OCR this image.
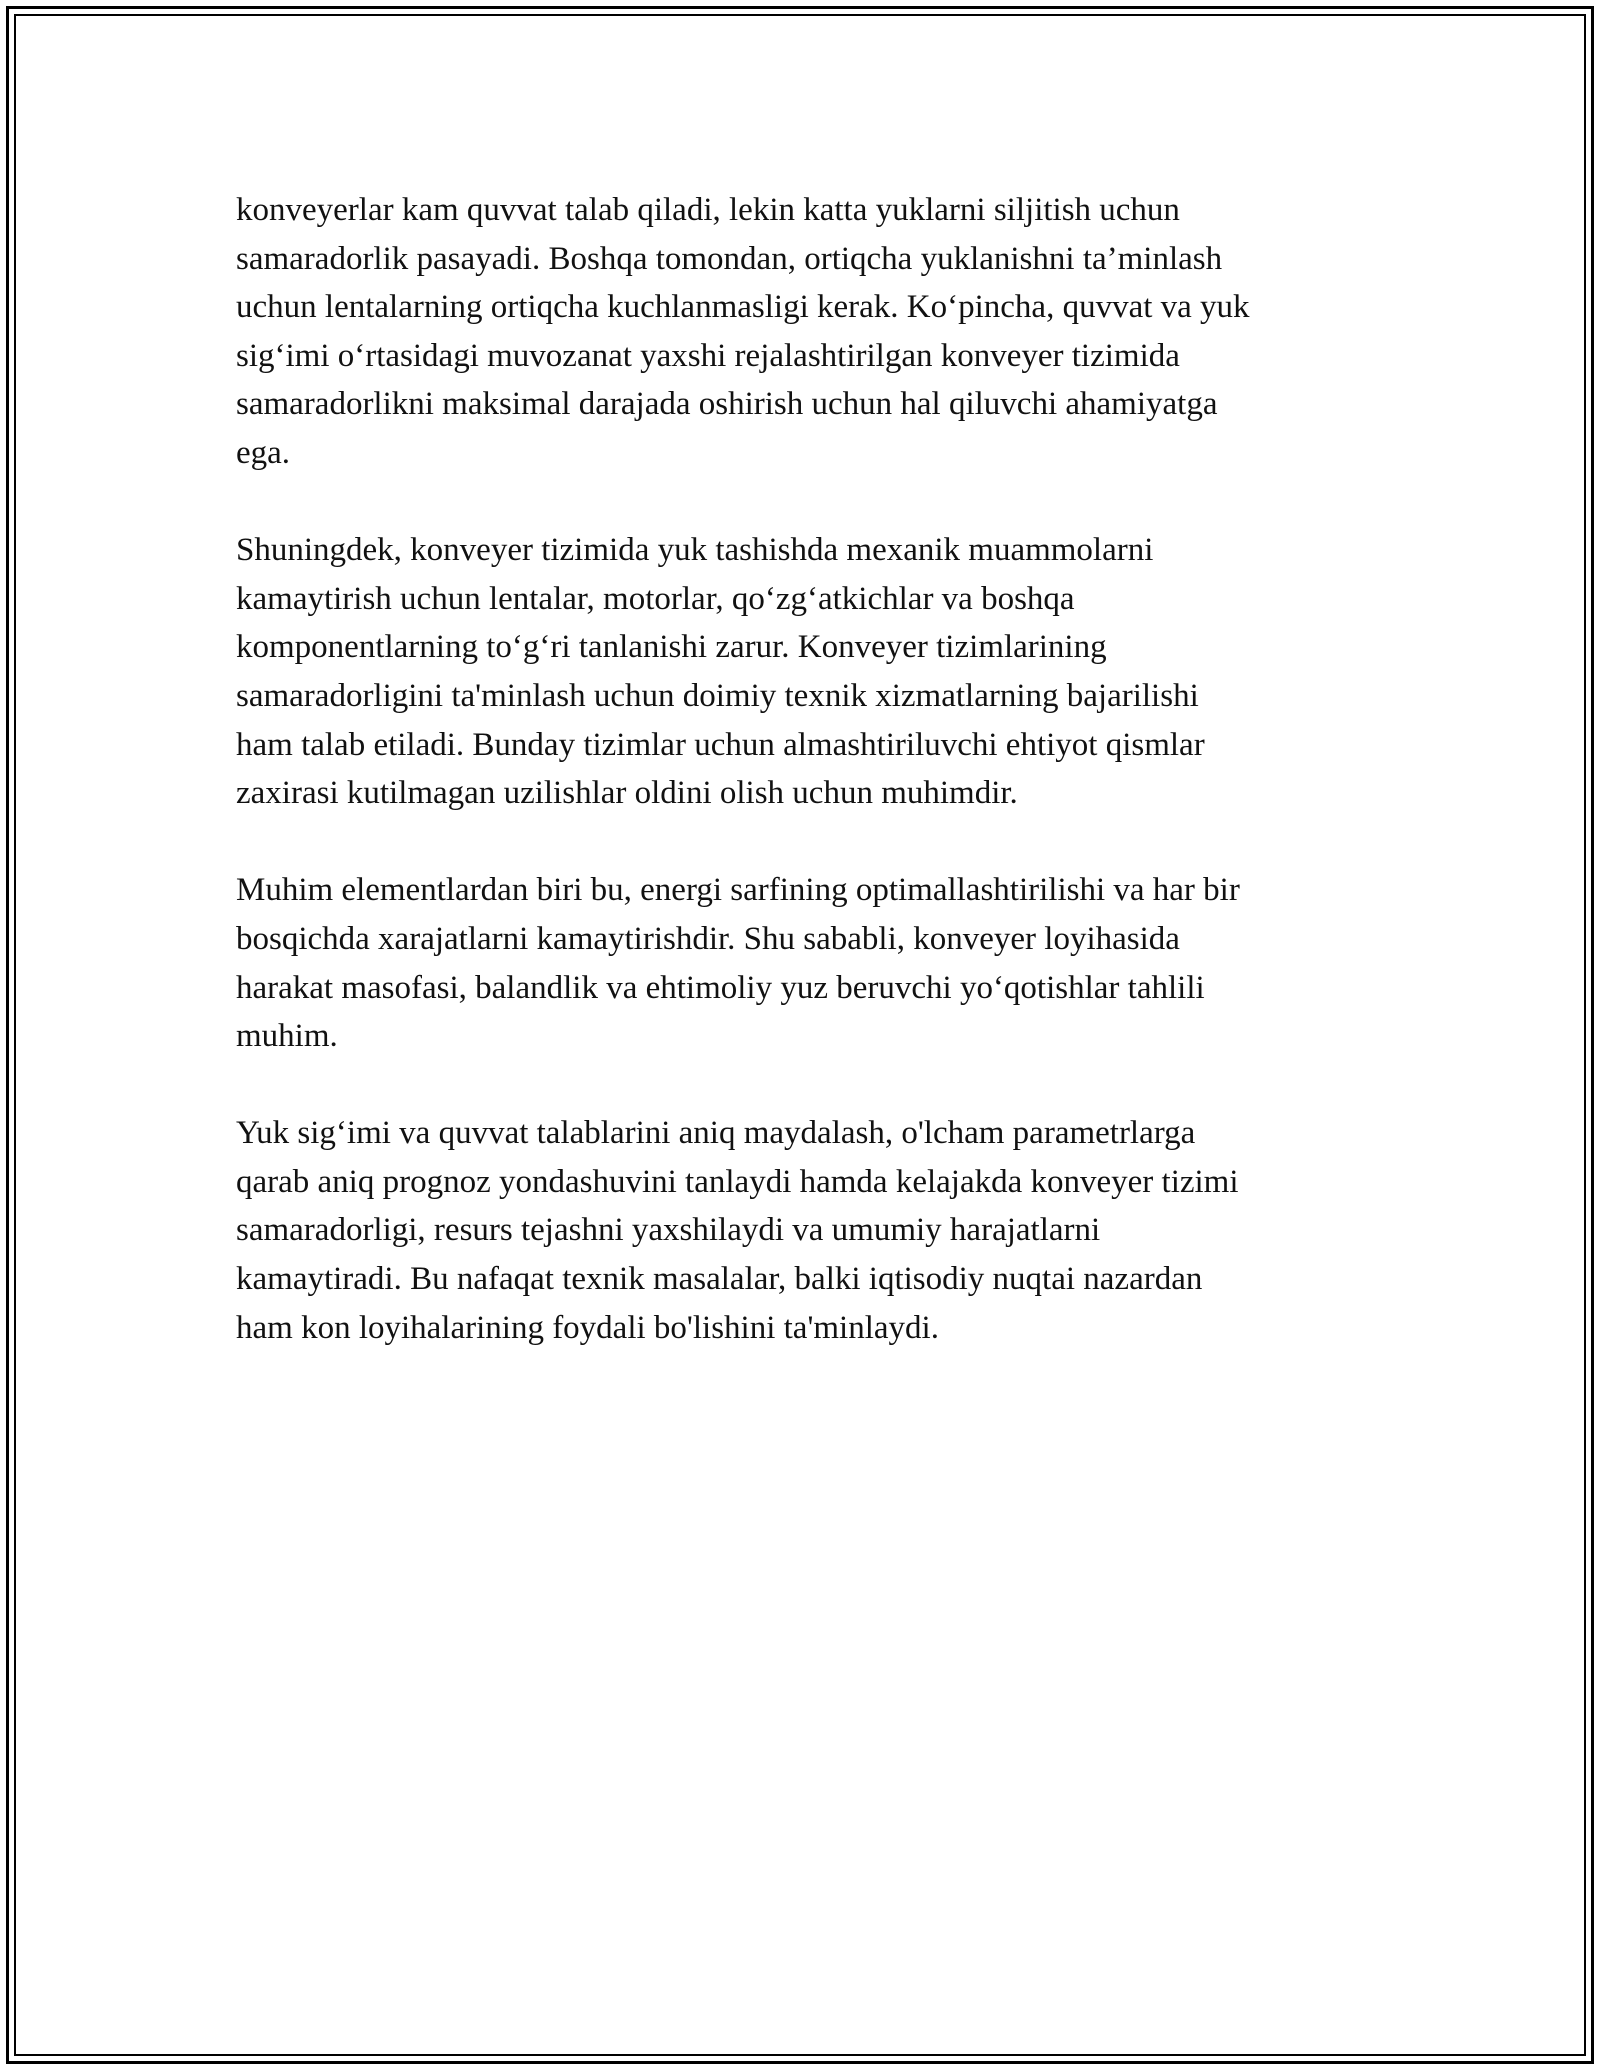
konveyerlar kam quvvat talab qiladi, lekin katta yuklarni siljitish uchun
samaradorlik pasayadi. Boshqa tomondan, ortiqcha yuklanishni ta’minlash
uchun lentalarning ortiqcha kuchlanmasligi kerak. Ko‘pincha, quvvat va yuk
sig‘imi o‘rtasidagi muvozanat yaxshi rejalashtirilgan konveyer tizimida
samaradorlikni maksimal darajada oshirish uchun hal qiluvchi ahamiyatga
ega.

Shuningdek, konveyer tizimida yuk tashishda mexanik muammolarni
kamaytirish uchun lentalar, motorlar, qo‘zg‘atkichlar va boshqa
komponentlarning to‘g‘ri tanlanishi zarur. Konveyer tizimlarining
samaradorligini ta'minlash uchun doimiy texnik xizmatlarning bajarilishi
ham talab etiladi. Bunday tizimlar uchun almashtiriluvchi ehtiyot qismlar
zaxirasi kutilmagan uzilishlar oldini olish uchun muhimdir.

Muhim elementlardan biri bu, energi sarfining optimallashtirilishi va har bir
bosqichda xarajatlarni kamaytirishdir. Shu sababli, konveyer loyihasida
harakat masofasi, balandlik va ehtimoliy yuz beruvchi yo‘qotishlar tahlili
muhim.

Yuk sig‘imi va quvvat talablarini aniq maydalash, o'lcham parametrlarga
qarab aniq prognoz yondashuvini tanlaydi hamda kelajakda konveyer tizimi
samaradorligi, resurs tejashni yaxshilaydi va umumiy harajatlarni
kamaytiradi. Bu nafaqat texnik masalalar, balki iqtisodiy nuqtai nazardan
ham kon loyihalarining foydali bo'lishini ta'minlaydi.
